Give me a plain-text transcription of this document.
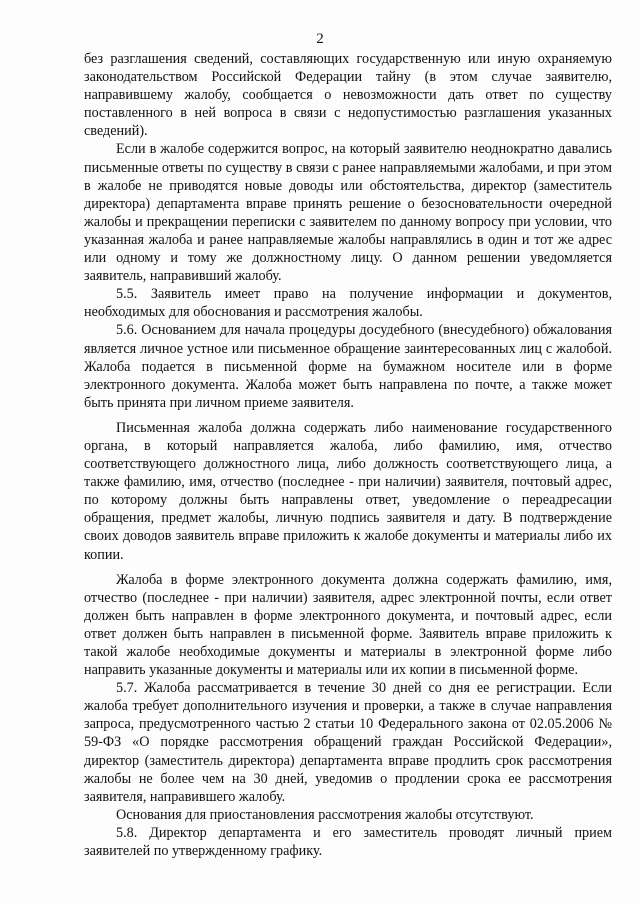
2

без разглашения сведений, составляющих государственную или иную охраняемую законодательством Российской Федерации тайну (в этом случае заявителю, направившему жалобу, сообщается о невозможности дать ответ по существу поставленного в ней вопроса в связи с недопустимостью разглашения указанных сведений).

Если в жалобе содержится вопрос, на который заявителю неоднократно давались письменные ответы по существу в связи с ранее направляемыми жалобами, и при этом в жалобе не приводятся новые доводы или обстоятельства, директор (заместитель директора) департамента вправе принять решение о безосновательности очередной жалобы и прекращении переписки с заявителем по данному вопросу при условии, что указанная жалоба и ранее направляемые жалобы направлялись в один и тот же адрес или одному и тому же должностному лицу. О данном решении уведомляется заявитель, направивший жалобу.

5.5. Заявитель имеет право на получение информации и документов, необходимых для обоснования и рассмотрения жалобы.

5.6. Основанием для начала процедуры досудебного (внесудебного) обжалования является личное устное или письменное обращение заинтересованных лиц с жалобой. Жалоба подается в письменной форме на бумажном носителе или в форме электронного документа. Жалоба может быть направлена по почте, а также может быть принята при личном приеме заявителя.

Письменная жалоба должна содержать либо наименование государственного органа, в который направляется жалоба, либо фамилию, имя, отчество соответствующего должностного лица, либо должность соответствующего лица, а также фамилию, имя, отчество (последнее - при наличии) заявителя, почтовый адрес, по которому должны быть направлены ответ, уведомление о переадресации обращения, предмет жалобы, личную подпись заявителя и дату. В подтверждение своих доводов заявитель вправе приложить к жалобе документы и материалы либо их копии.

Жалоба в форме электронного документа должна содержать фамилию, имя, отчество (последнее - при наличии) заявителя, адрес электронной почты, если ответ должен быть направлен в форме электронного документа, и почтовый адрес, если ответ должен быть направлен в письменной форме. Заявитель вправе приложить к такой жалобе необходимые документы и материалы в электронной форме либо направить указанные документы и материалы или их копии в письменной форме.

5.7. Жалоба рассматривается в течение 30 дней со дня ее регистрации. Если жалоба требует дополнительного изучения и проверки, а также в случае направления запроса, предусмотренного частью 2 статьи 10 Федерального закона от 02.05.2006 № 59-ФЗ «О порядке рассмотрения обращений граждан Российской Федерации», директор (заместитель директора) департамента вправе продлить срок рассмотрения жалобы не более чем на 30 дней, уведомив о продлении срока ее рассмотрения заявителя, направившего жалобу.

Основания для приостановления рассмотрения жалобы отсутствуют.

5.8. Директор департамента и его заместитель проводят личный прием заявителей по утвержденному графику.
